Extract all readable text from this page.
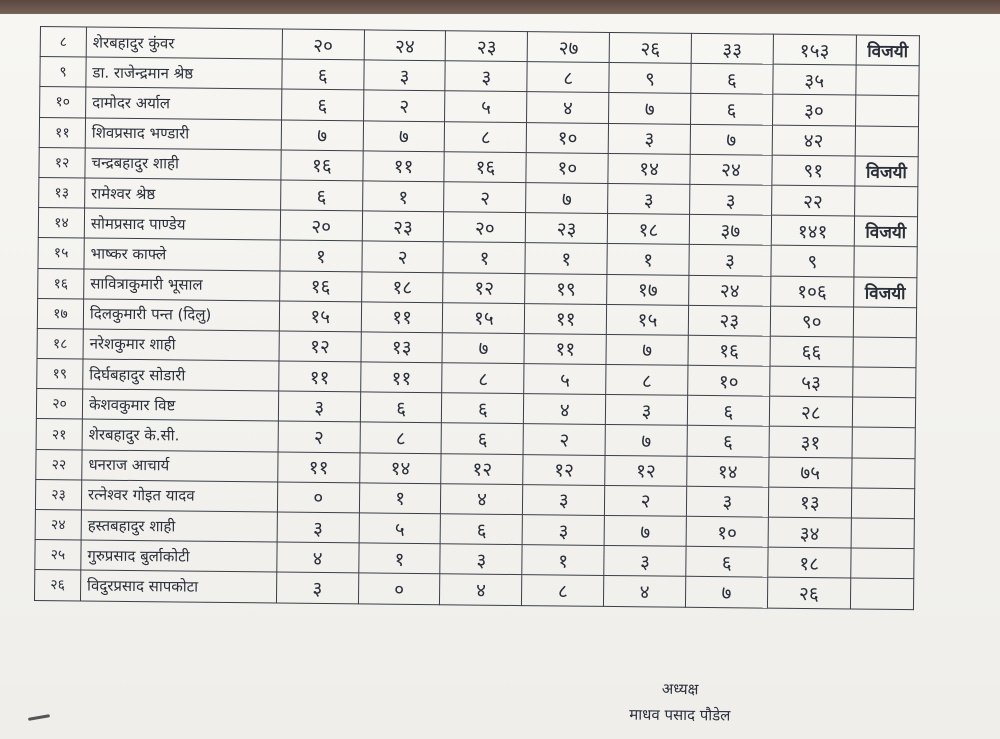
८	शेरबहादुर कुंवर	२०	२४	२३	२७	२६	३३	१५३	विजयी
९	डा. राजेन्द्रमान श्रेष्ठ	६	३	३	८	९	६	३५	
१०	दामोदर अर्याल	६	२	५	४	७	६	३०	
११	शिवप्रसाद भण्डारी	७	७	८	१०	३	७	४२	
१२	चन्द्रबहादुर शाही	१६	११	१६	१०	१४	२४	९१	विजयी
१३	रामेश्वर श्रेष्ठ	६	१	२	७	३	३	२२	
१४	सोमप्रसाद पाण्डेय	२०	२३	२०	२३	१८	३७	१४१	विजयी
१५	भाष्कर काफ्ले	१	२	१	१	१	३	९	
१६	सावित्राकुमारी भूसाल	१६	१८	१२	१९	१७	२४	१०६	विजयी
१७	दिलकुमारी पन्त (दिलु)	१५	११	१५	११	१५	२३	९०	
१८	नरेशकुमार शाही	१२	१३	७	११	७	१६	६६	
१९	दिर्घबहादुर सोडारी	११	११	८	५	८	१०	५३	
२०	केशवकुमार विष्ट	३	६	६	४	३	६	२८	
२१	शेरबहादुर के.सी.	२	८	६	२	७	६	३१	
२२	धनराज आचार्य	११	१४	१२	१२	१२	१४	७५	
२३	रत्नेश्वर गोइत यादव	०	१	४	३	२	३	१३	
२४	हस्तबहादुर शाही	३	५	६	३	७	१०	३४	
२५	गुरुप्रसाद बुर्लाकोटी	४	१	३	१	३	६	१८	
२६	विदुरप्रसाद सापकोटा	३	०	४	८	४	७	२६	
अध्यक्ष
माधव पसाद पौडेल
